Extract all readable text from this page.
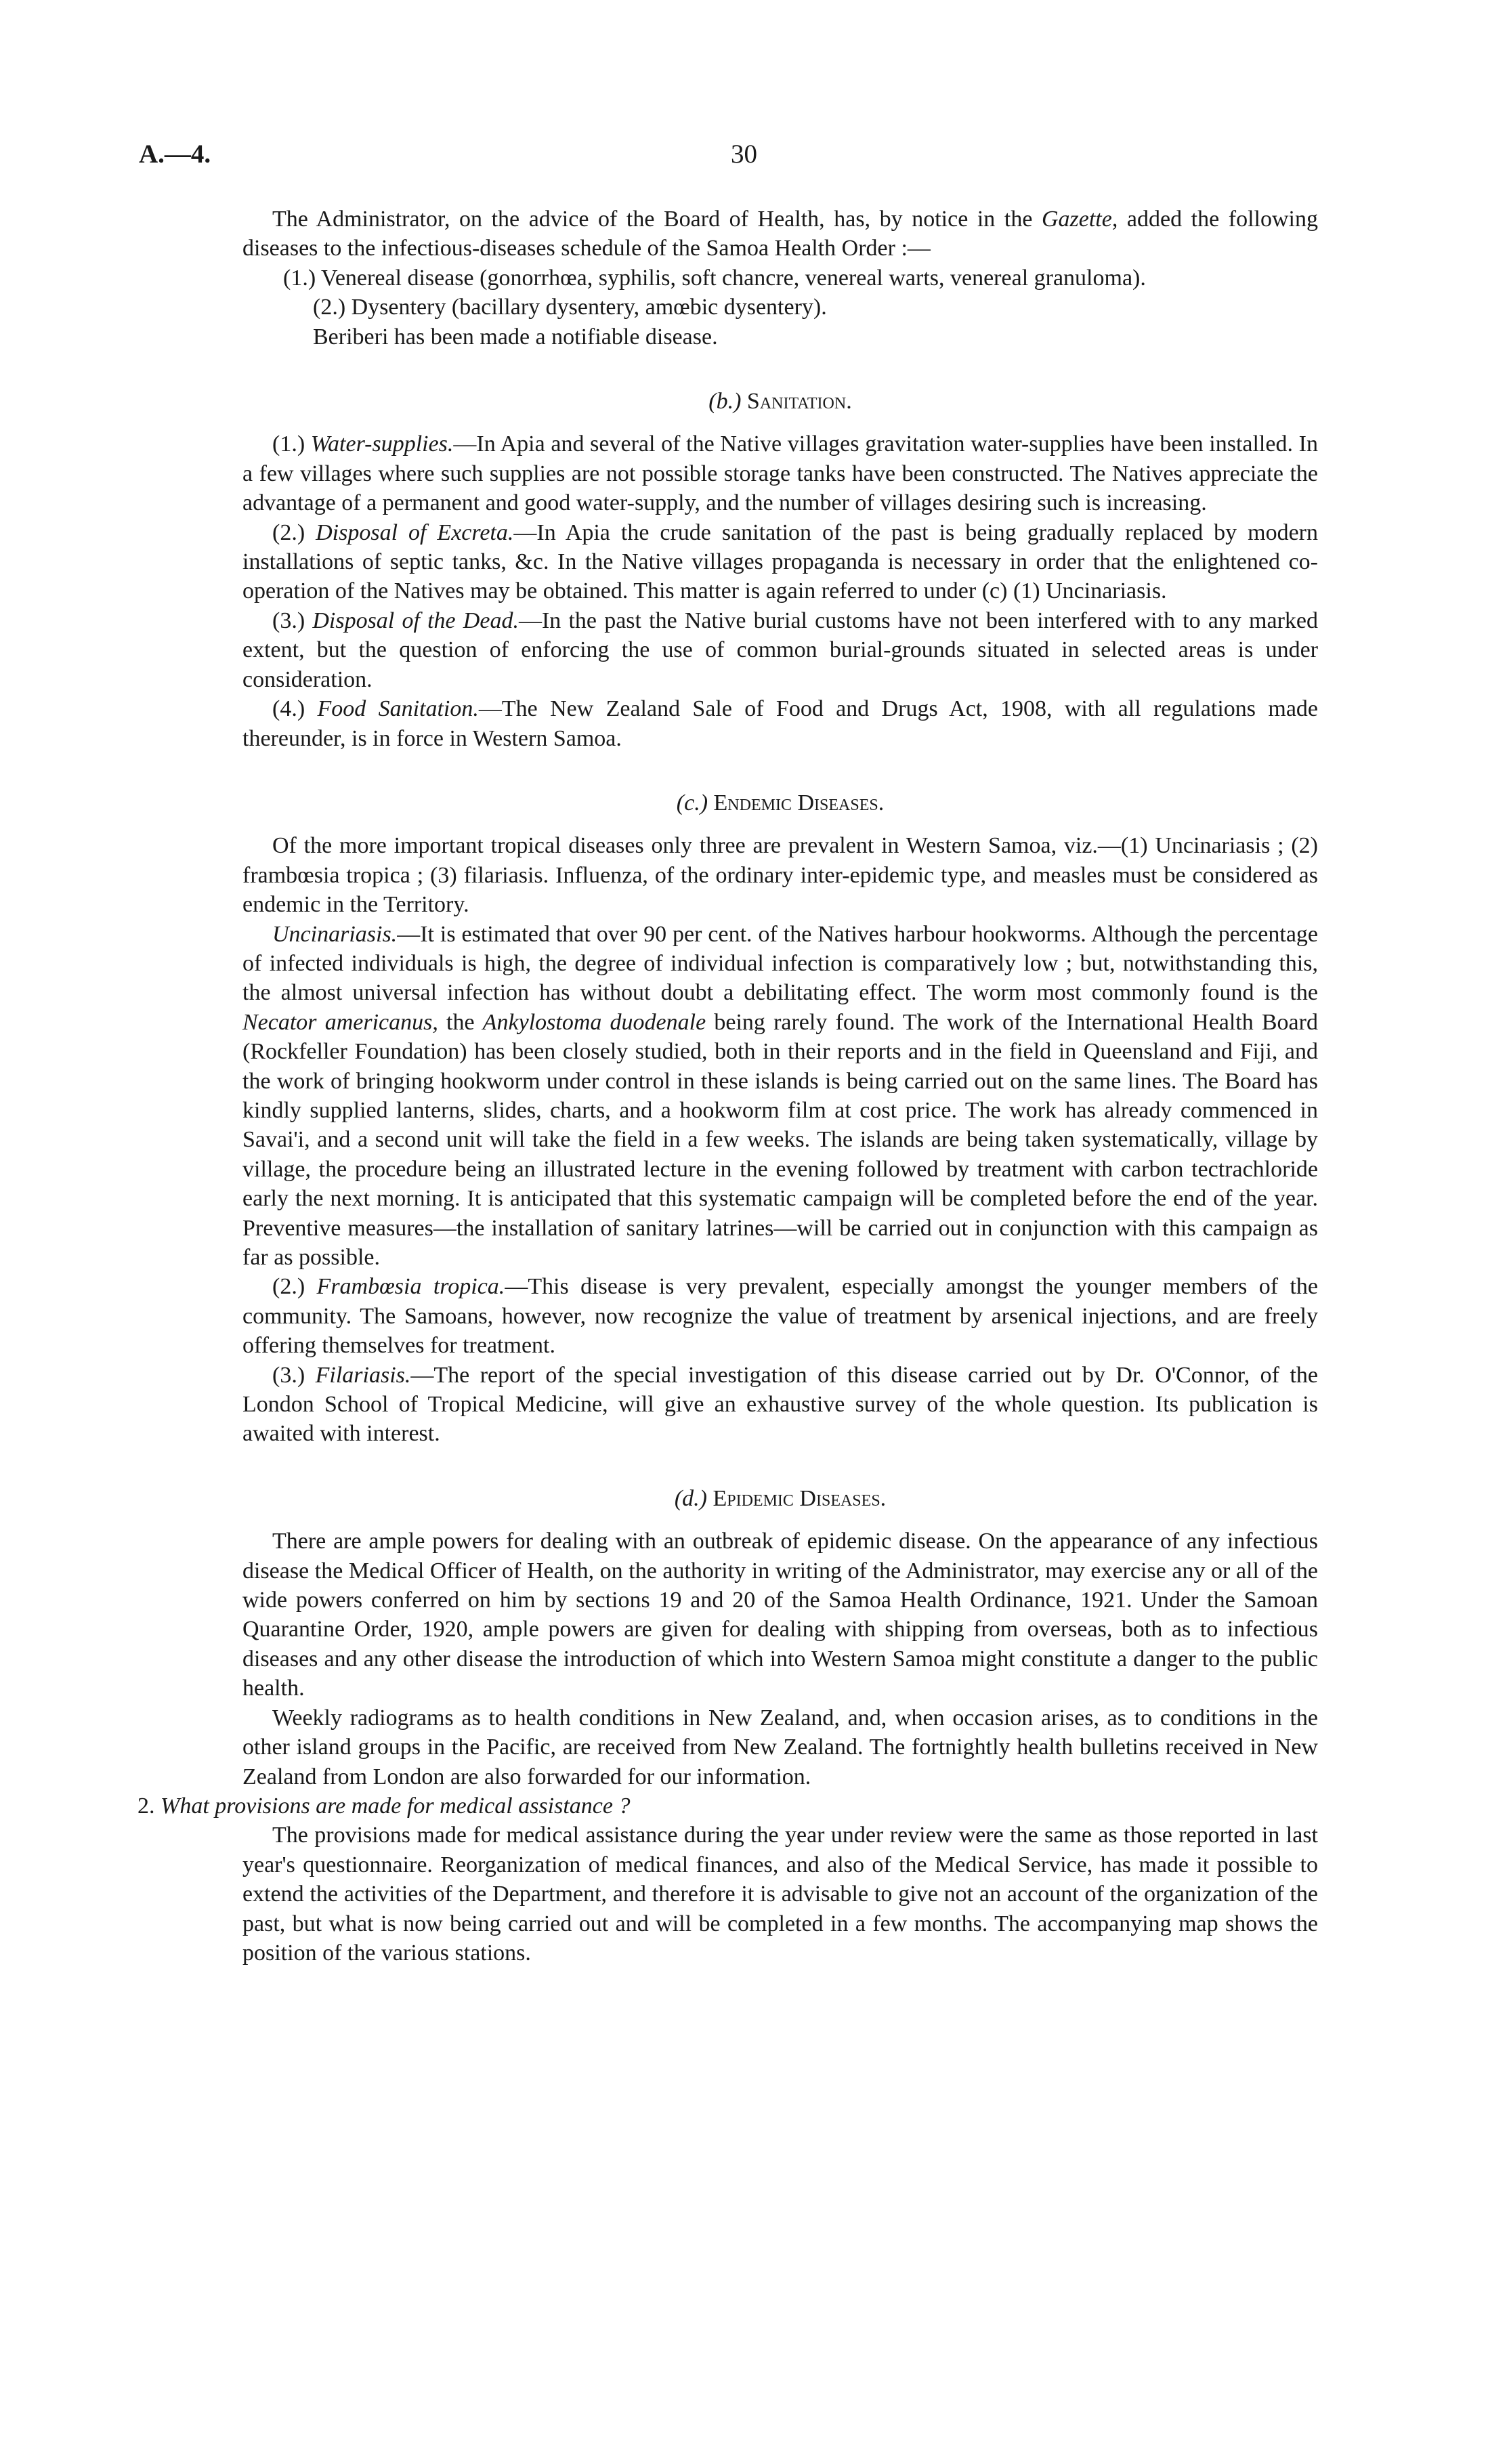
A.—4.	30

The Administrator, on the advice of the Board of Health, has, by notice in the Gazette, added the following diseases to the infectious-diseases schedule of the Samoa Health Order :—

(1.) Venereal disease (gonorrhœa, syphilis, soft chancre, venereal warts, venereal granuloma).

(2.) Dysentery (bacillary dysentery, amœbic dysentery).

Beriberi has been made a notifiable disease.

(b.) Sanitation.

(1.) Water-supplies.—In Apia and several of the Native villages gravitation water-supplies have been installed. In a few villages where such supplies are not possible storage tanks have been constructed. The Natives appreciate the advantage of a permanent and good water-supply, and the number of villages desiring such is increasing.

(2.) Disposal of Excreta.—In Apia the crude sanitation of the past is being gradually replaced by modern installations of septic tanks, &c. In the Native villages propaganda is necessary in order that the enlightened co-operation of the Natives may be obtained. This matter is again referred to under (c) (1) Uncinariasis.

(3.) Disposal of the Dead.—In the past the Native burial customs have not been interfered with to any marked extent, but the question of enforcing the use of common burial-grounds situated in selected areas is under consideration.

(4.) Food Sanitation.—The New Zealand Sale of Food and Drugs Act, 1908, with all regulations made thereunder, is in force in Western Samoa.

(c.) Endemic Diseases.

Of the more important tropical diseases only three are prevalent in Western Samoa, viz.—(1) Uncinariasis ; (2) frambœsia tropica ; (3) filariasis. Influenza, of the ordinary inter-epidemic type, and measles must be considered as endemic in the Territory.

Uncinariasis.—It is estimated that over 90 per cent. of the Natives harbour hookworms. Although the percentage of infected individuals is high, the degree of individual infection is comparatively low ; but, notwithstanding this, the almost universal infection has without doubt a debilitating effect. The worm most commonly found is the Necator americanus, the Ankylostoma duodenale being rarely found. The work of the International Health Board (Rockfeller Foundation) has been closely studied, both in their reports and in the field in Queensland and Fiji, and the work of bringing hookworm under control in these islands is being carried out on the same lines. The Board has kindly supplied lanterns, slides, charts, and a hookworm film at cost price. The work has already commenced in Savai'i, and a second unit will take the field in a few weeks. The islands are being taken systematically, village by village, the procedure being an illustrated lecture in the evening followed by treatment with carbon tectrachloride early the next morning. It is anticipated that this systematic campaign will be completed before the end of the year. Preventive measures—the installation of sanitary latrines—will be carried out in conjunction with this campaign as far as possible.

(2.) Frambœsia tropica.—This disease is very prevalent, especially amongst the younger members of the community. The Samoans, however, now recognize the value of treatment by arsenical injections, and are freely offering themselves for treatment.

(3.) Filariasis.—The report of the special investigation of this disease carried out by Dr. O'Connor, of the London School of Tropical Medicine, will give an exhaustive survey of the whole question. Its publication is awaited with interest.

(d.) Epidemic Diseases.

There are ample powers for dealing with an outbreak of epidemic disease. On the appearance of any infectious disease the Medical Officer of Health, on the authority in writing of the Administrator, may exercise any or all of the wide powers conferred on him by sections 19 and 20 of the Samoa Health Ordinance, 1921. Under the Samoan Quarantine Order, 1920, ample powers are given for dealing with shipping from overseas, both as to infectious diseases and any other disease the introduction of which into Western Samoa might constitute a danger to the public health.

Weekly radiograms as to health conditions in New Zealand, and, when occasion arises, as to conditions in the other island groups in the Pacific, are received from New Zealand. The fortnightly health bulletins received in New Zealand from London are also forwarded for our information.

2. What provisions are made for medical assistance ?

The provisions made for medical assistance during the year under review were the same as those reported in last year's questionnaire. Reorganization of medical finances, and also of the Medical Service, has made it possible to extend the activities of the Department, and therefore it is advisable to give not an account of the organization of the past, but what is now being carried out and will be completed in a few months. The accompanying map shows the position of the various stations.
